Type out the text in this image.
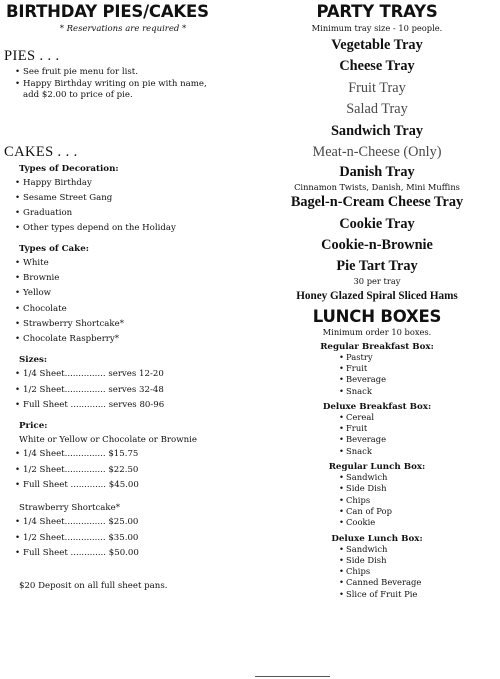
BIRTHDAY PIES/CAKES
* Reservations are required *
PIES . . .
• See fruit pie menu for list.
• Happy Birthday writing on pie with name,
add $2.00 to price of pie.
CAKES . . .
Types of Decoration:
• Happy Birthday
• Sesame Street Gang
• Graduation
• Other types depend on the Holiday
Types of Cake:
• White
• Brownie
• Yellow
• Chocolate
• Strawberry Shortcake*
• Chocolate Raspberry*
Sizes:
• 1/4 Sheet............... serves 12-20
• 1/2 Sheet............... serves 32-48
• Full Sheet ............. serves 80-96
Price:
White or Yellow or Chocolate or Brownie
• 1/4 Sheet............... $15.75
• 1/2 Sheet............... $22.50
• Full Sheet ............. $45.00
Strawberry Shortcake*
• 1/4 Sheet............... $25.00
• 1/2 Sheet............... $35.00
• Full Sheet ............. $50.00
$20 Deposit on all full sheet pans.
PARTY TRAYS
Minimum tray size - 10 people.
Vegetable Tray
Cheese Tray
Fruit Tray
Salad Tray
Sandwich Tray
Meat-n-Cheese (Only)
Danish Tray
Cinnamon Twists, Danish, Mini Muffins
Bagel-n-Cream Cheese Tray
Cookie Tray
Cookie-n-Brownie
Pie Tart Tray
30 per tray
Honey Glazed Spiral Sliced Hams
LUNCH BOXES
Minimum order 10 boxes.
Regular Breakfast Box:
• Pastry
• Fruit
• Beverage
• Snack
Deluxe Breakfast Box:
• Cereal
• Fruit
• Beverage
• Snack
Regular Lunch Box:
• Sandwich
• Side Dish
• Chips
• Can of Pop
• Cookie
Deluxe Lunch Box:
• Sandwich
• Side Dish
• Chips
• Canned Beverage
• Slice of Fruit Pie
